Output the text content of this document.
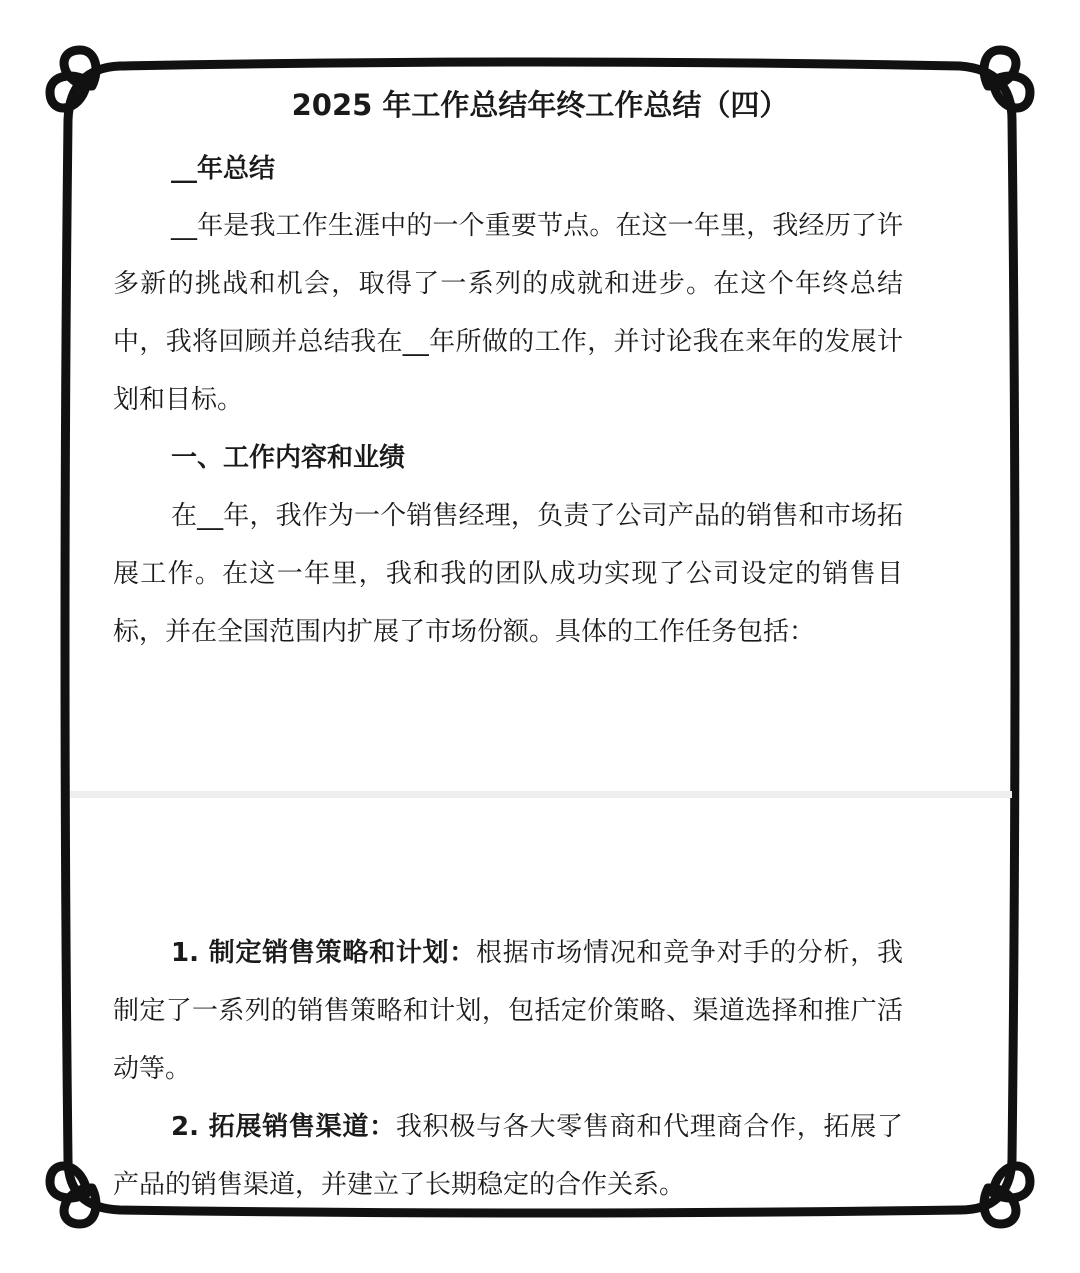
2025 年工作总结年终工作总结（四）

__年总结

__年是我工作生涯中的一个重要节点。在这一年里，我经历了许多新的挑战和机会，取得了一系列的成就和进步。在这个年终总结中，我将回顾并总结我在__年所做的工作，并讨论我在来年的发展计划和目标。

一、工作内容和业绩

在__年，我作为一个销售经理，负责了公司产品的销售和市场拓展工作。在这一年里，我和我的团队成功实现了公司设定的销售目标，并在全国范围内扩展了市场份额。具体的工作任务包括：

1. 制定销售策略和计划：根据市场情况和竞争对手的分析，我制定了一系列的销售策略和计划，包括定价策略、渠道选择和推广活动等。

2. 拓展销售渠道：我积极与各大零售商和代理商合作，拓展了产品的销售渠道，并建立了长期稳定的合作关系。
